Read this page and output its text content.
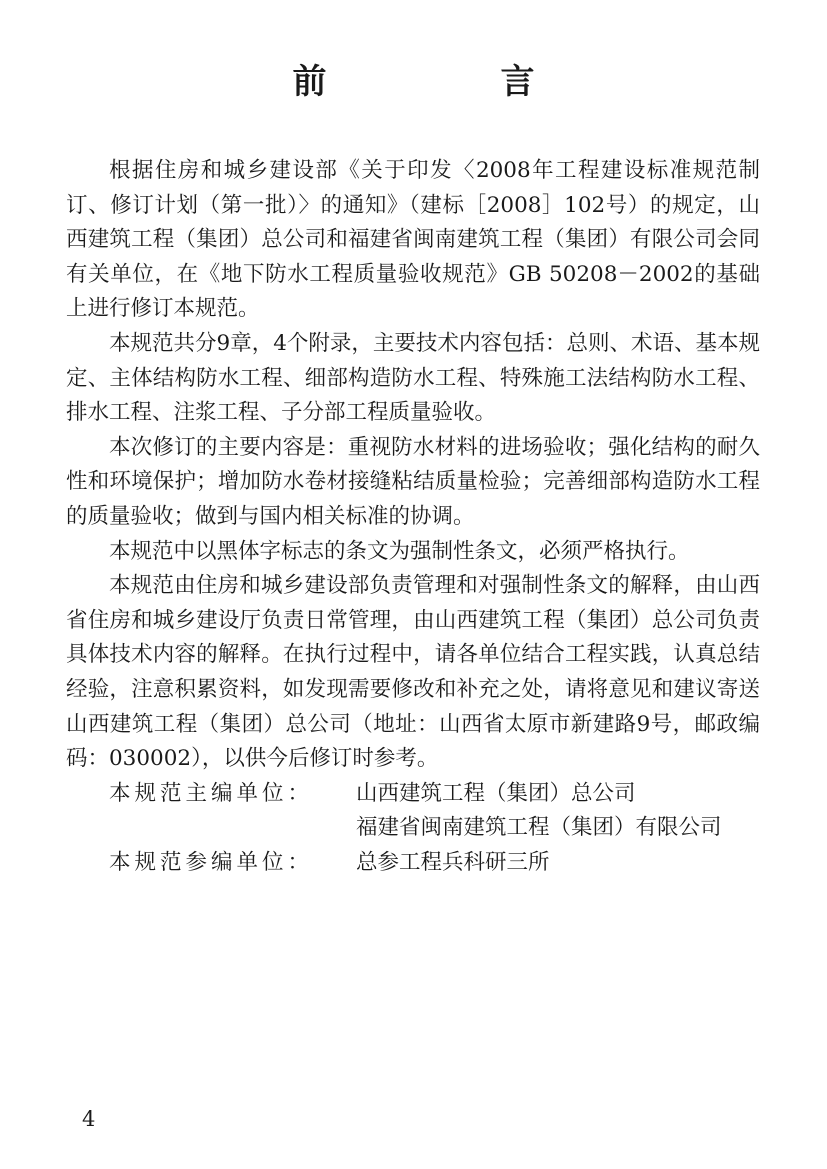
前　言

根据住房和城乡建设部《关于印发〈2008年工程建设标准规范制订、修订计划（第一批）〉的通知》（建标［2008］102号）的规定，山西建筑工程（集团）总公司和福建省闽南建筑工程（集团）有限公司会同有关单位，在《地下防水工程质量验收规范》GB 50208－2002的基础上进行修订本规范。

本规范共分9章，4个附录，主要技术内容包括：总则、术语、基本规定、主体结构防水工程、细部构造防水工程、特殊施工法结构防水工程、排水工程、注浆工程、子分部工程质量验收。

本次修订的主要内容是：重视防水材料的进场验收；强化结构的耐久性和环境保护；增加防水卷材接缝粘结质量检验；完善细部构造防水工程的质量验收；做到与国内相关标准的协调。

本规范中以黑体字标志的条文为强制性条文，必须严格执行。

本规范由住房和城乡建设部负责管理和对强制性条文的解释，由山西省住房和城乡建设厅负责日常管理，由山西建筑工程（集团）总公司负责具体技术内容的解释。在执行过程中，请各单位结合工程实践，认真总结经验，注意积累资料，如发现需要修改和补充之处，请将意见和建议寄送山西建筑工程（集团）总公司（地址：山西省太原市新建路9号，邮政编码：030002），以供今后修订时参考。

本规范主编单位：	山西建筑工程（集团）总公司
福建省闽南建筑工程（集团）有限公司
本规范参编单位：	总参工程兵科研三所
4
